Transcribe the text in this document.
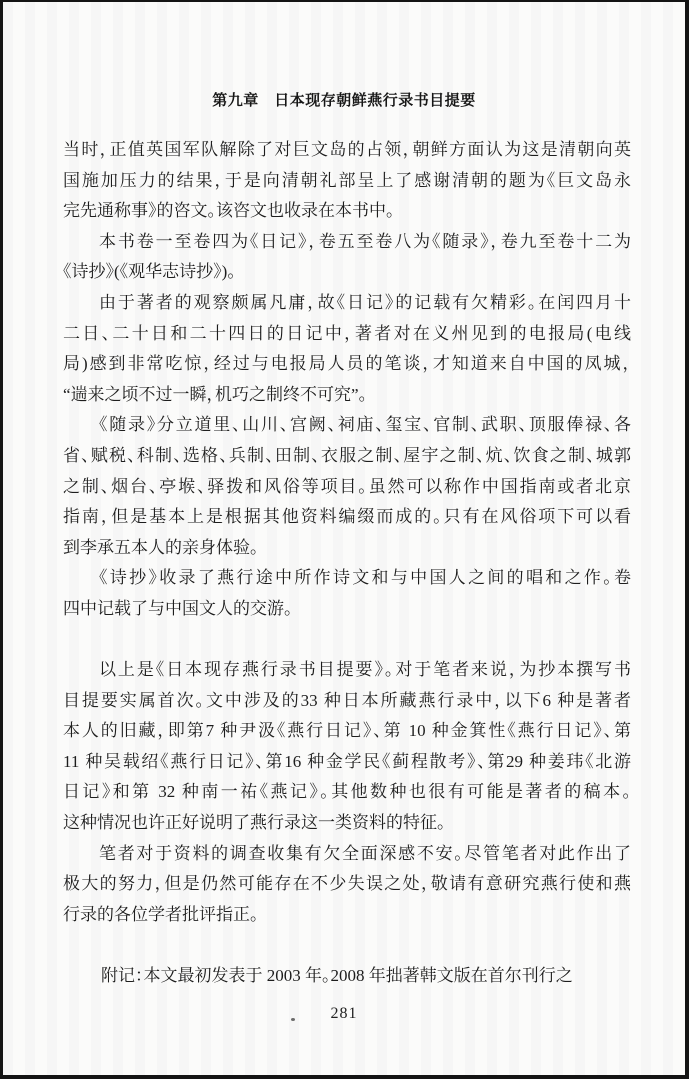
第九章　日本现存朝鲜燕行录书目提要
当时，正值英国军队解除了对巨文岛的占领，朝鲜方面认为这是清朝向英
国施加压力的结果，于是向清朝礼部呈上了感谢清朝的题为《巨文岛永
完先通称事》的咨文。该咨文也收录在本书中。
本书卷一至卷四为《日记》，卷五至卷八为《随录》，卷九至卷十二为
《诗抄》(《观华志诗抄》)。
由于著者的观察颇属凡庸，故《日记》的记载有欠精彩。在闰四月十
二日、二十日和二十四日的日记中，著者对在义州见到的电报局(电线
局)感到非常吃惊，经过与电报局人员的笔谈，才知道来自中国的凤城，
“遄来之顷不过一瞬，机巧之制终不可究”。
《随录》分立道里、山川、宫阙、祠庙、玺宝、官制、武职、顶服俸禄、各
省、赋税、科制、选格、兵制、田制、衣服之制、屋宇之制、炕、饮食之制、城郭
之制、烟台、亭堠、驿拨和风俗等项目。虽然可以称作中国指南或者北京
指南，但是基本上是根据其他资料编缀而成的。只有在风俗项下可以看
到李承五本人的亲身体验。
《诗抄》收录了燕行途中所作诗文和与中国人之间的唱和之作。卷
四中记载了与中国文人的交游。
以上是《日本现存燕行录书目提要》。对于笔者来说，为抄本撰写书
目提要实属首次。文中涉及的33 种日本所藏燕行录中，以下6 种是著者
本人的旧藏，即第7 种尹汲《燕行日记》、第 10 种金箕性《燕行日记》、第
11 种吴载绍《燕行日记》、第16 种金学民《蓟程散考》、第29 种姜玮《北游
日记》和第 32 种南一祐《燕记》。其他数种也很有可能是著者的稿本。
这种情况也许正好说明了燕行录这一类资料的特征。
笔者对于资料的调查收集有欠全面深感不安。尽管笔者对此作出了
极大的努力，但是仍然可能存在不少失误之处，敬请有意研究燕行使和燕
行录的各位学者批评指正。
附记：本文最初发表于 2003 年。2008 年拙著韩文版在首尔刊行之
281
